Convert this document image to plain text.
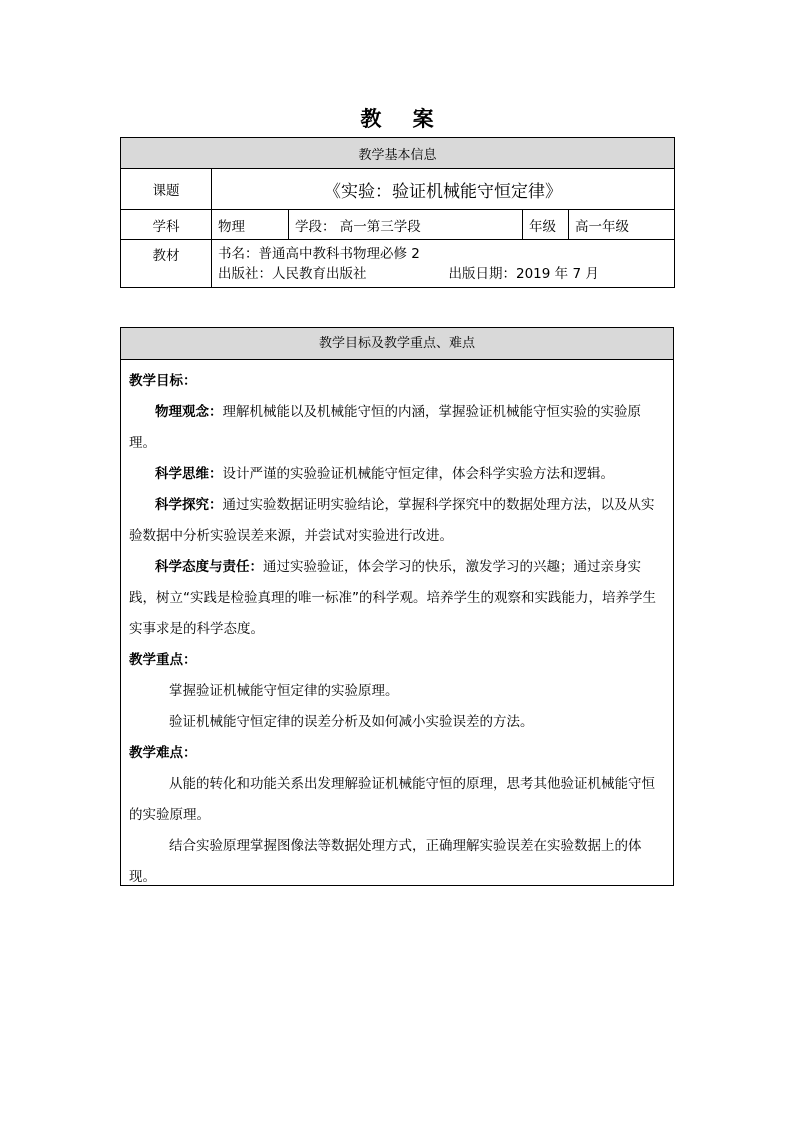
教 案
教学基本信息				
课题	《实验：验证机械能守恒定律》			
学科	物理	学段： 高一第三学段	年级	高一年级
教材	书名：普通高中教科书物理必修 2
出版社：人民教育出版社 出版日期：2019 年 7 月			
教学目标及教学重点、难点

教学目标：

物理观念：理解机械能以及机械能守恒的内涵，掌握验证机械能守恒实验的实验原理。

科学思维：设计严谨的实验验证机械能守恒定律，体会科学实验方法和逻辑。

科学探究：通过实验数据证明实验结论，掌握科学探究中的数据处理方法，以及从实验数据中分析实验误差来源，并尝试对实验进行改进。

科学态度与责任：通过实验验证，体会学习的快乐，激发学习的兴趣；通过亲身实践，树立“实践是检验真理的唯一标准”的科学观。培养学生的观察和实践能力，培养学生实事求是的科学态度。

教学重点：

掌握验证机械能守恒定律的实验原理。

验证机械能守恒定律的误差分析及如何减小实验误差的方法。

教学难点：

从能的转化和功能关系出发理解验证机械能守恒的原理，思考其他验证机械能守恒的实验原理。

结合实验原理掌握图像法等数据处理方式，正确理解实验误差在实验数据上的体现。
